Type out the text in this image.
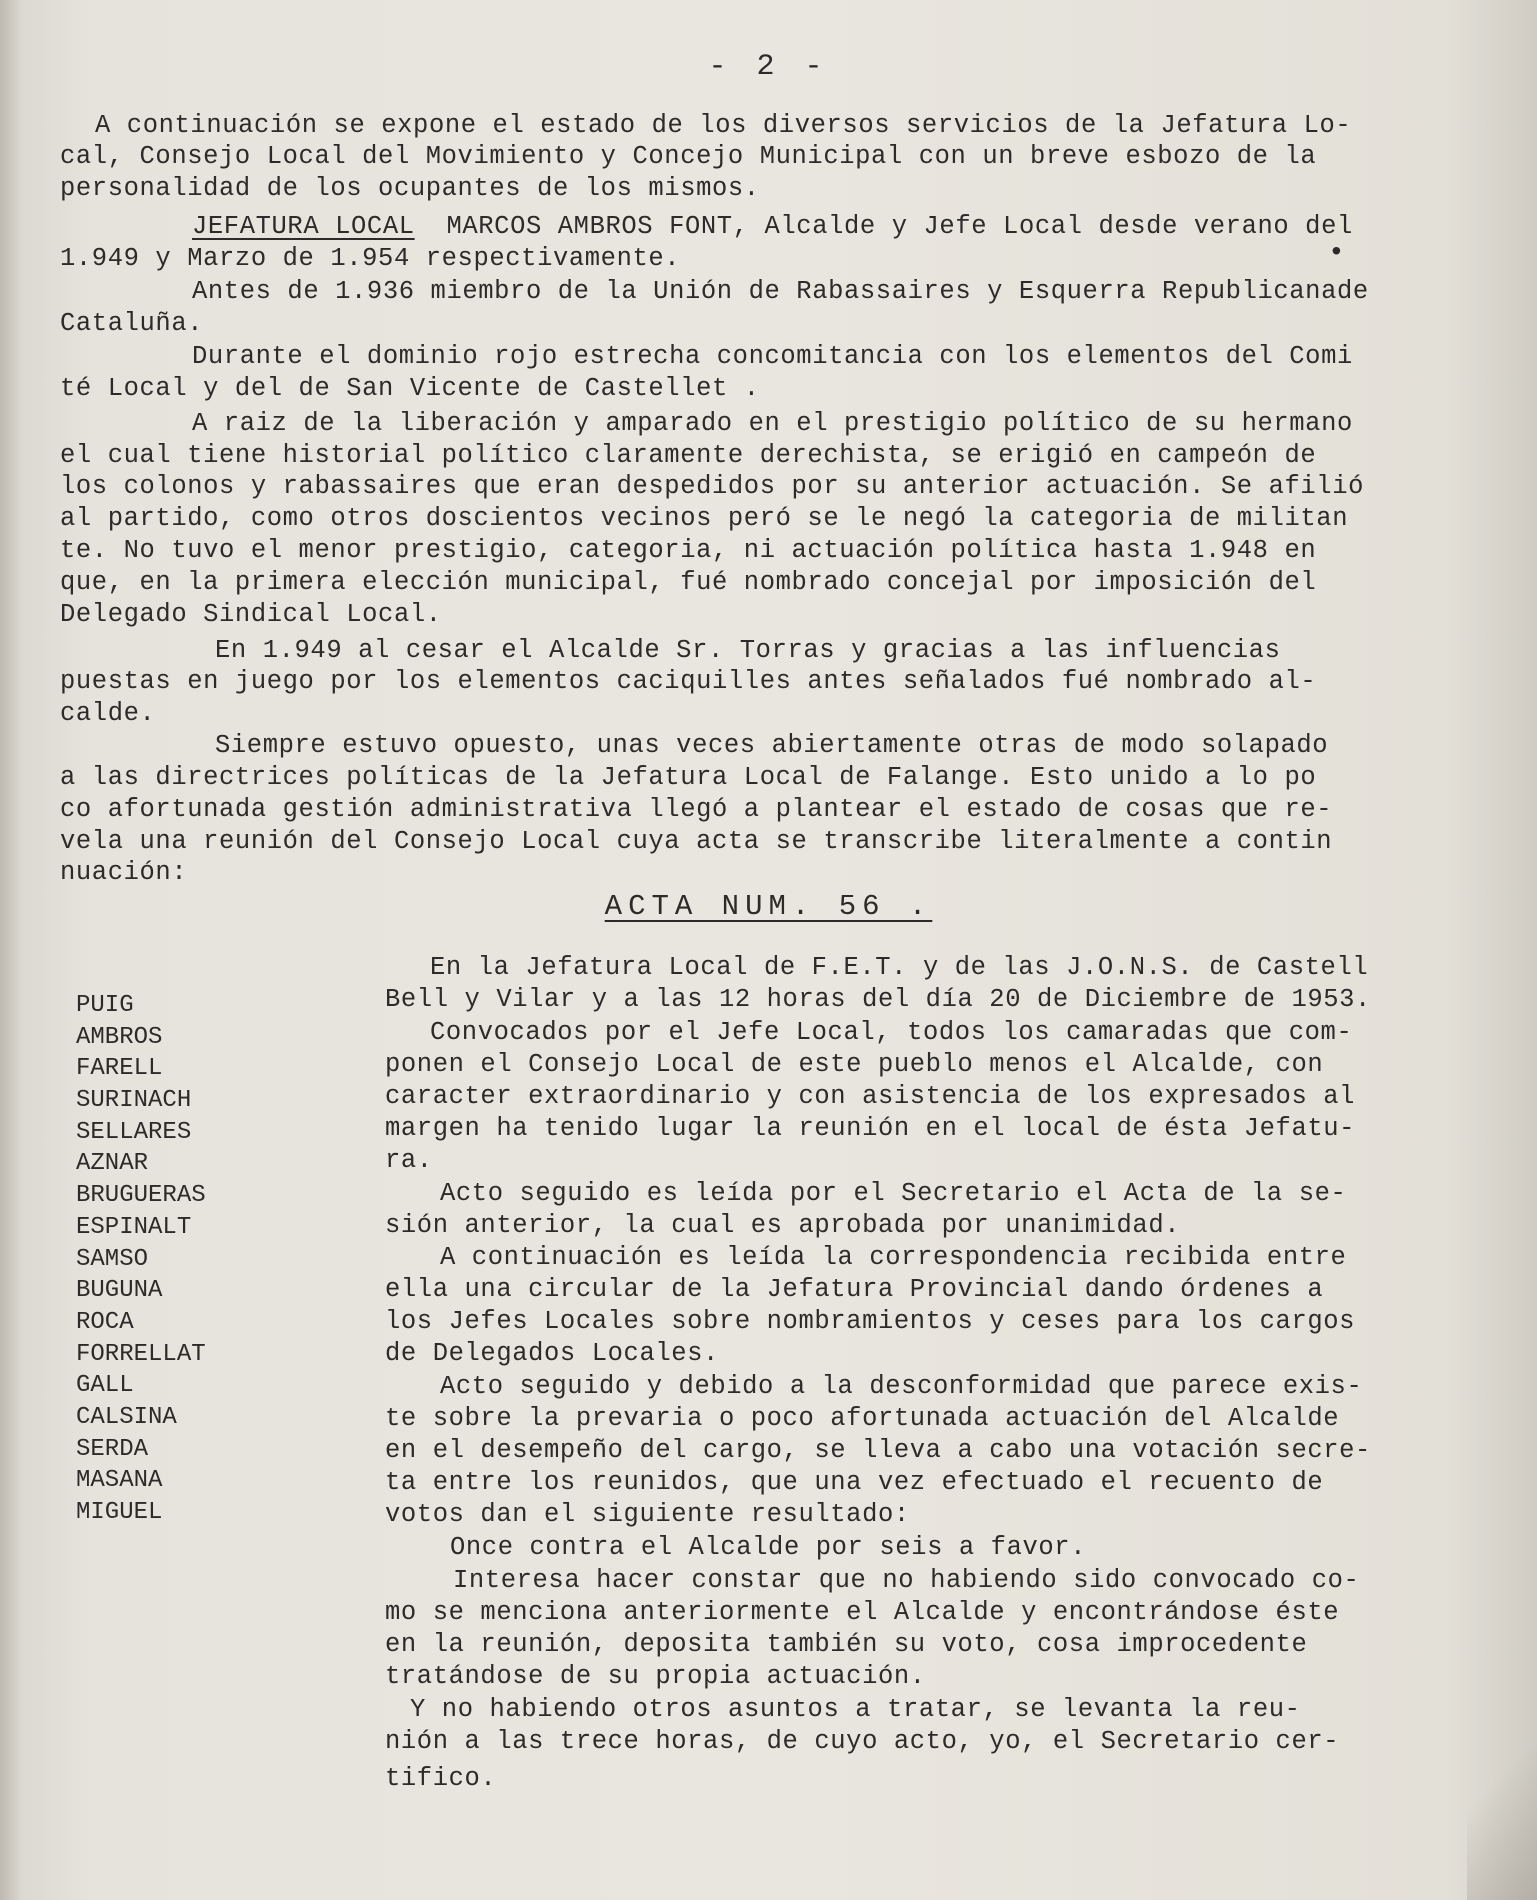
- 2 -
A continuación se expone el estado de los diversos servicios de la Jefatura Lo-
cal, Consejo Local del Movimiento y Concejo Municipal con un breve esbozo de la
personalidad de los ocupantes de los mismos.
JEFATURA LOCAL MARCOS AMBROS FONT, Alcalde y Jefe Local desde verano del
1.949 y Marzo de 1.954 respectivamente.	•
Antes de 1.936 miembro de la Unión de Rabassaires y Esquerra Republicanade
Cataluña.
Durante el dominio rojo estrecha concomitancia con los elementos del Comi
té Local y del de San Vicente de Castellet .
A raiz de la liberación y amparado en el prestigio político de su hermano
el cual tiene historial político claramente derechista, se erigió en campeón de
los colonos y rabassaires que eran despedidos por su anterior actuación. Se afilió
al partido, como otros doscientos vecinos peró se le negó la categoria de militan
te. No tuvo el menor prestigio, categoria, ni actuación política hasta 1.948 en
que, en la primera elección municipal, fué nombrado concejal por imposición del
Delegado Sindical Local.
En 1.949 al cesar el Alcalde Sr. Torras y gracias a las influencias
puestas en juego por los elementos caciquilles antes señalados fué nombrado al-
calde.
Siempre estuvo opuesto, unas veces abiertamente otras de modo solapado
a las directrices políticas de la Jefatura Local de Falange. Esto unido a lo po
co afortunada gestión administrativa llegó a plantear el estado de cosas que re-
vela una reunión del Consejo Local cuya acta se transcribe literalmente a contin
nuación:
ACTA NUM. 56 .
PUIG
AMBROS
FARELL
SURINACH
SELLARES
AZNAR
BRUGUERAS
ESPINALT
SAMSO
BUGUNA
ROCA
FORRELLAT
GALL
CALSINA
SERDA
MASANA
MIGUEL
En la Jefatura Local de F.E.T. y de las J.O.N.S. de Castell
Bell y Vilar y a las 12 horas del día 20 de Diciembre de 1953.
Convocados por el Jefe Local, todos los camaradas que com-
ponen el Consejo Local de este pueblo menos el Alcalde, con
caracter extraordinario y con asistencia de los expresados al
margen ha tenido lugar la reunión en el local de ésta Jefatu-
ra.
Acto seguido es leída por el Secretario el Acta de la se-
sión anterior, la cual es aprobada por unanimidad.
A continuación es leída la correspondencia recibida entre
ella una circular de la Jefatura Provincial dando órdenes a
los Jefes Locales sobre nombramientos y ceses para los cargos
de Delegados Locales.
Acto seguido y debido a la desconformidad que parece exis-
te sobre la prevaria o poco afortunada actuación del Alcalde
en el desempeño del cargo, se lleva a cabo una votación secre-
ta entre los reunidos, que una vez efectuado el recuento de
votos dan el siguiente resultado:
Once contra el Alcalde por seis a favor.
Interesa hacer constar que no habiendo sido convocado co-
mo se menciona anteriormente el Alcalde y encontrándose éste
en la reunión, deposita también su voto, cosa improcedente
tratándose de su propia actuación.
Y no habiendo otros asuntos a tratar, se levanta la reu-
nión a las trece horas, de cuyo acto, yo, el Secretario cer-
tifico.
